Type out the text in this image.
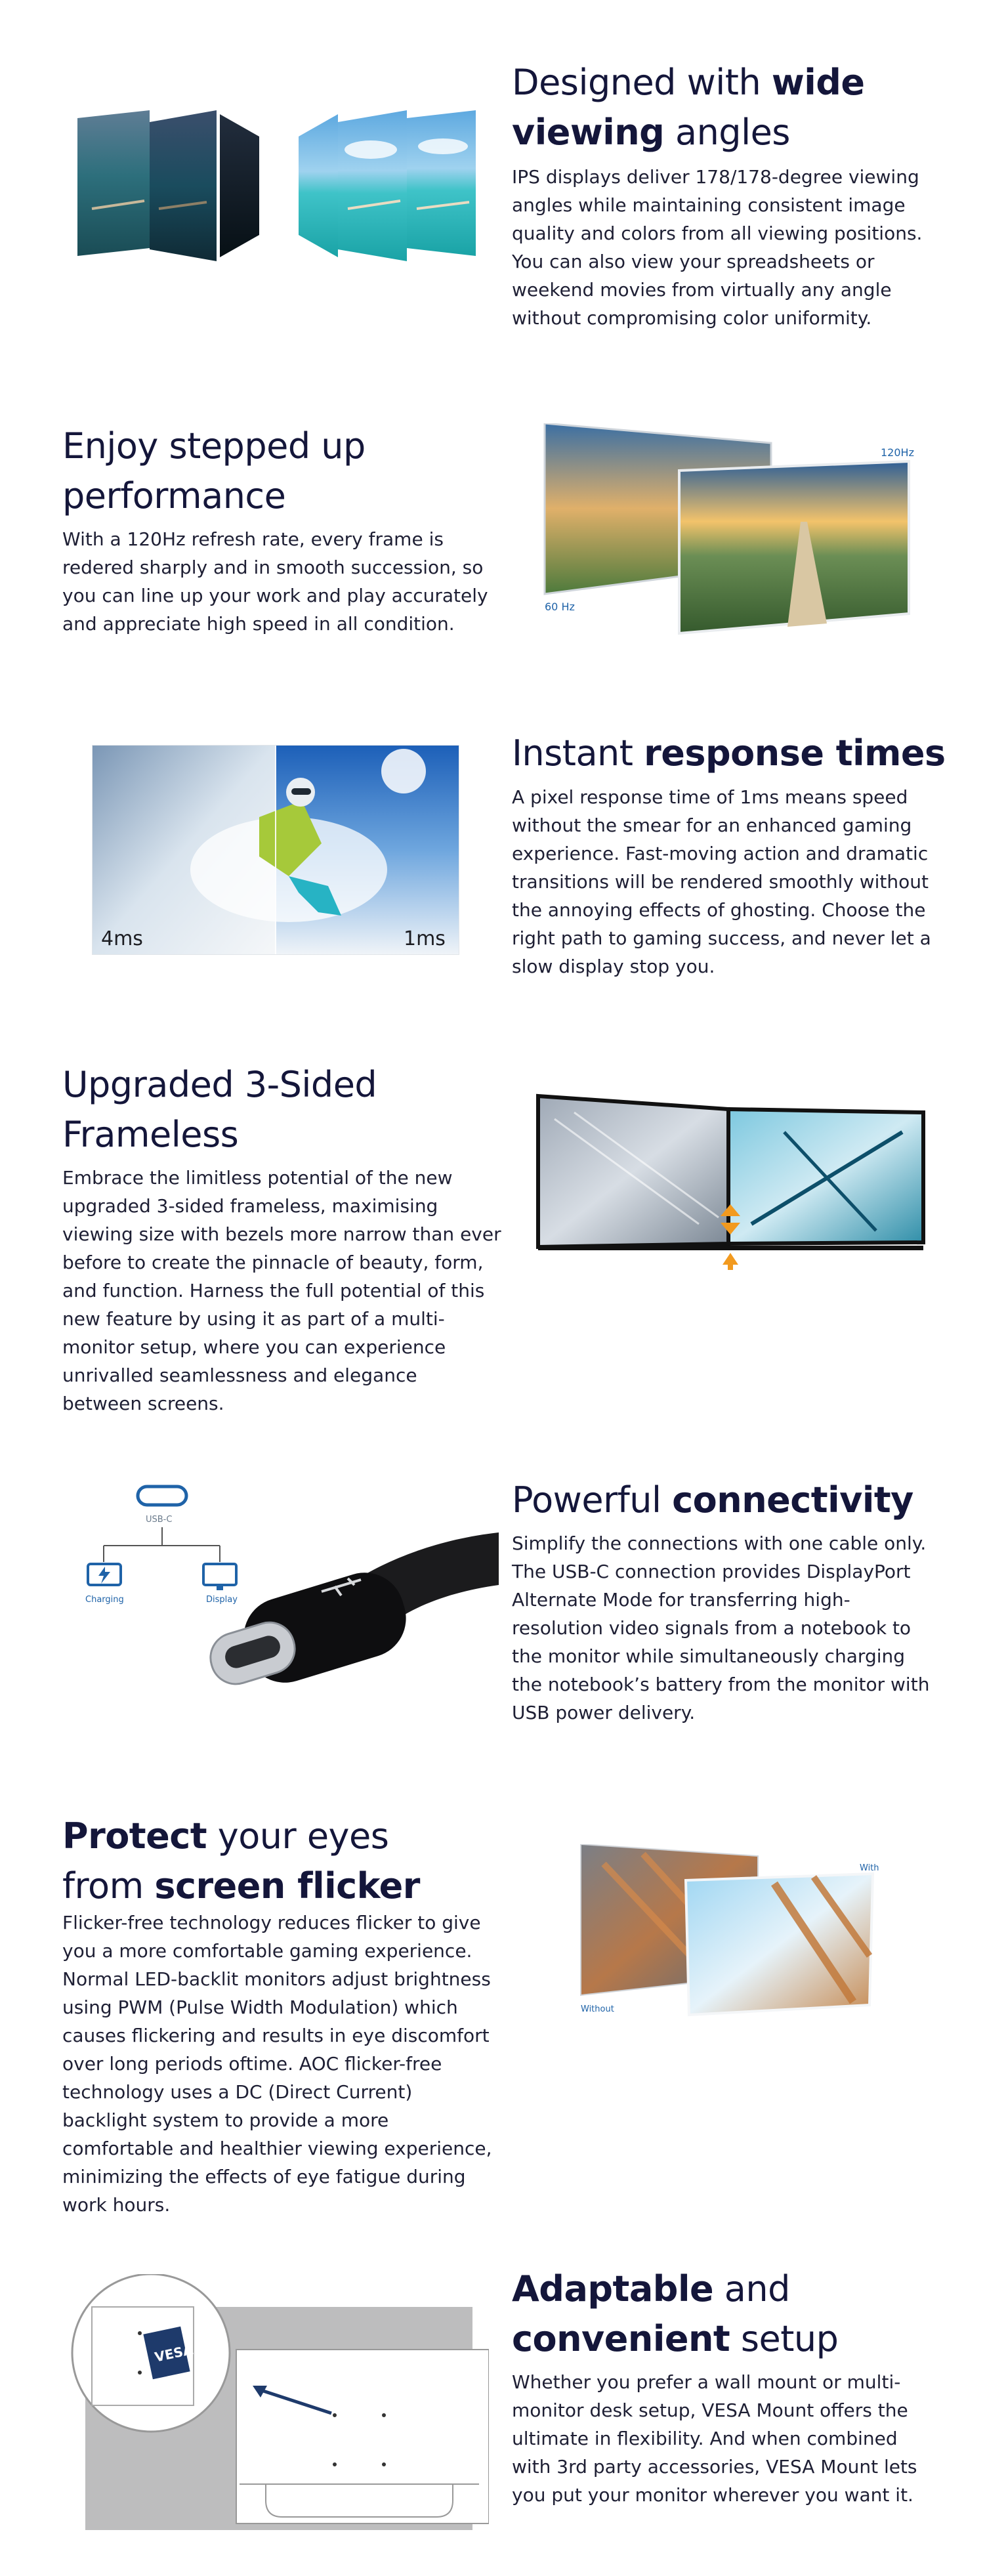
Designed with wide viewing angles

IPS displays deliver 178/178-degree viewing angles while maintaining consistent image quality and colors from all viewing positions. You can also view your spreadsheets or weekend movies from virtually any angle without compromising color uniformity.

Enjoy stepped up performance

With a 120Hz refresh rate, every frame is redered sharply and in smooth succession, so you can line up your work and play accurately and appreciate high speed in all condition.

120Hz
60 Hz
4ms	1ms
Instant response times

A pixel response time of 1ms means speed without the smear for an enhanced gaming experience. Fast-moving action and dramatic transitions will be rendered smoothly without the annoying effects of ghosting. Choose the right path to gaming success, and never let a slow display stop you.

Upgraded 3-Sided Frameless

Embrace the limitless potential of the new upgraded 3-sided frameless, maximising viewing size with bezels more narrow than ever before to create the pinnacle of beauty, form, and function. Harness the full potential of this new feature by using it as part of a multi-monitor setup, where you can experience unrivalled seamlessness and elegance between screens.

USB-C
Charging	Display
Powerful connectivity

Simplify the connections with one cable only. The USB-C connection provides DisplayPort Alternate Mode for transferring high-resolution video signals from a notebook to the monitor while simultaneously charging the notebook’s battery from the monitor with USB power delivery.

Protect your eyes from screen flicker

Flicker-free technology reduces flicker to give you a more comfortable gaming experience. Normal LED-backlit monitors adjust brightness using PWM (Pulse Width Modulation) which causes flickering and results in eye discomfort over long periods oftime. AOC flicker-free technology uses a DC (Direct Current) backlight system to provide a more comfortable and healthier viewing experience, minimizing the effects of eye fatigue during work hours.

With
Without
VESA
Adaptable and convenient setup

Whether you prefer a wall mount or multi-monitor desk setup, VESA Mount offers the ultimate in flexibility. And when combined with 3rd party accessories, VESA Mount lets you put your monitor wherever you want it.
